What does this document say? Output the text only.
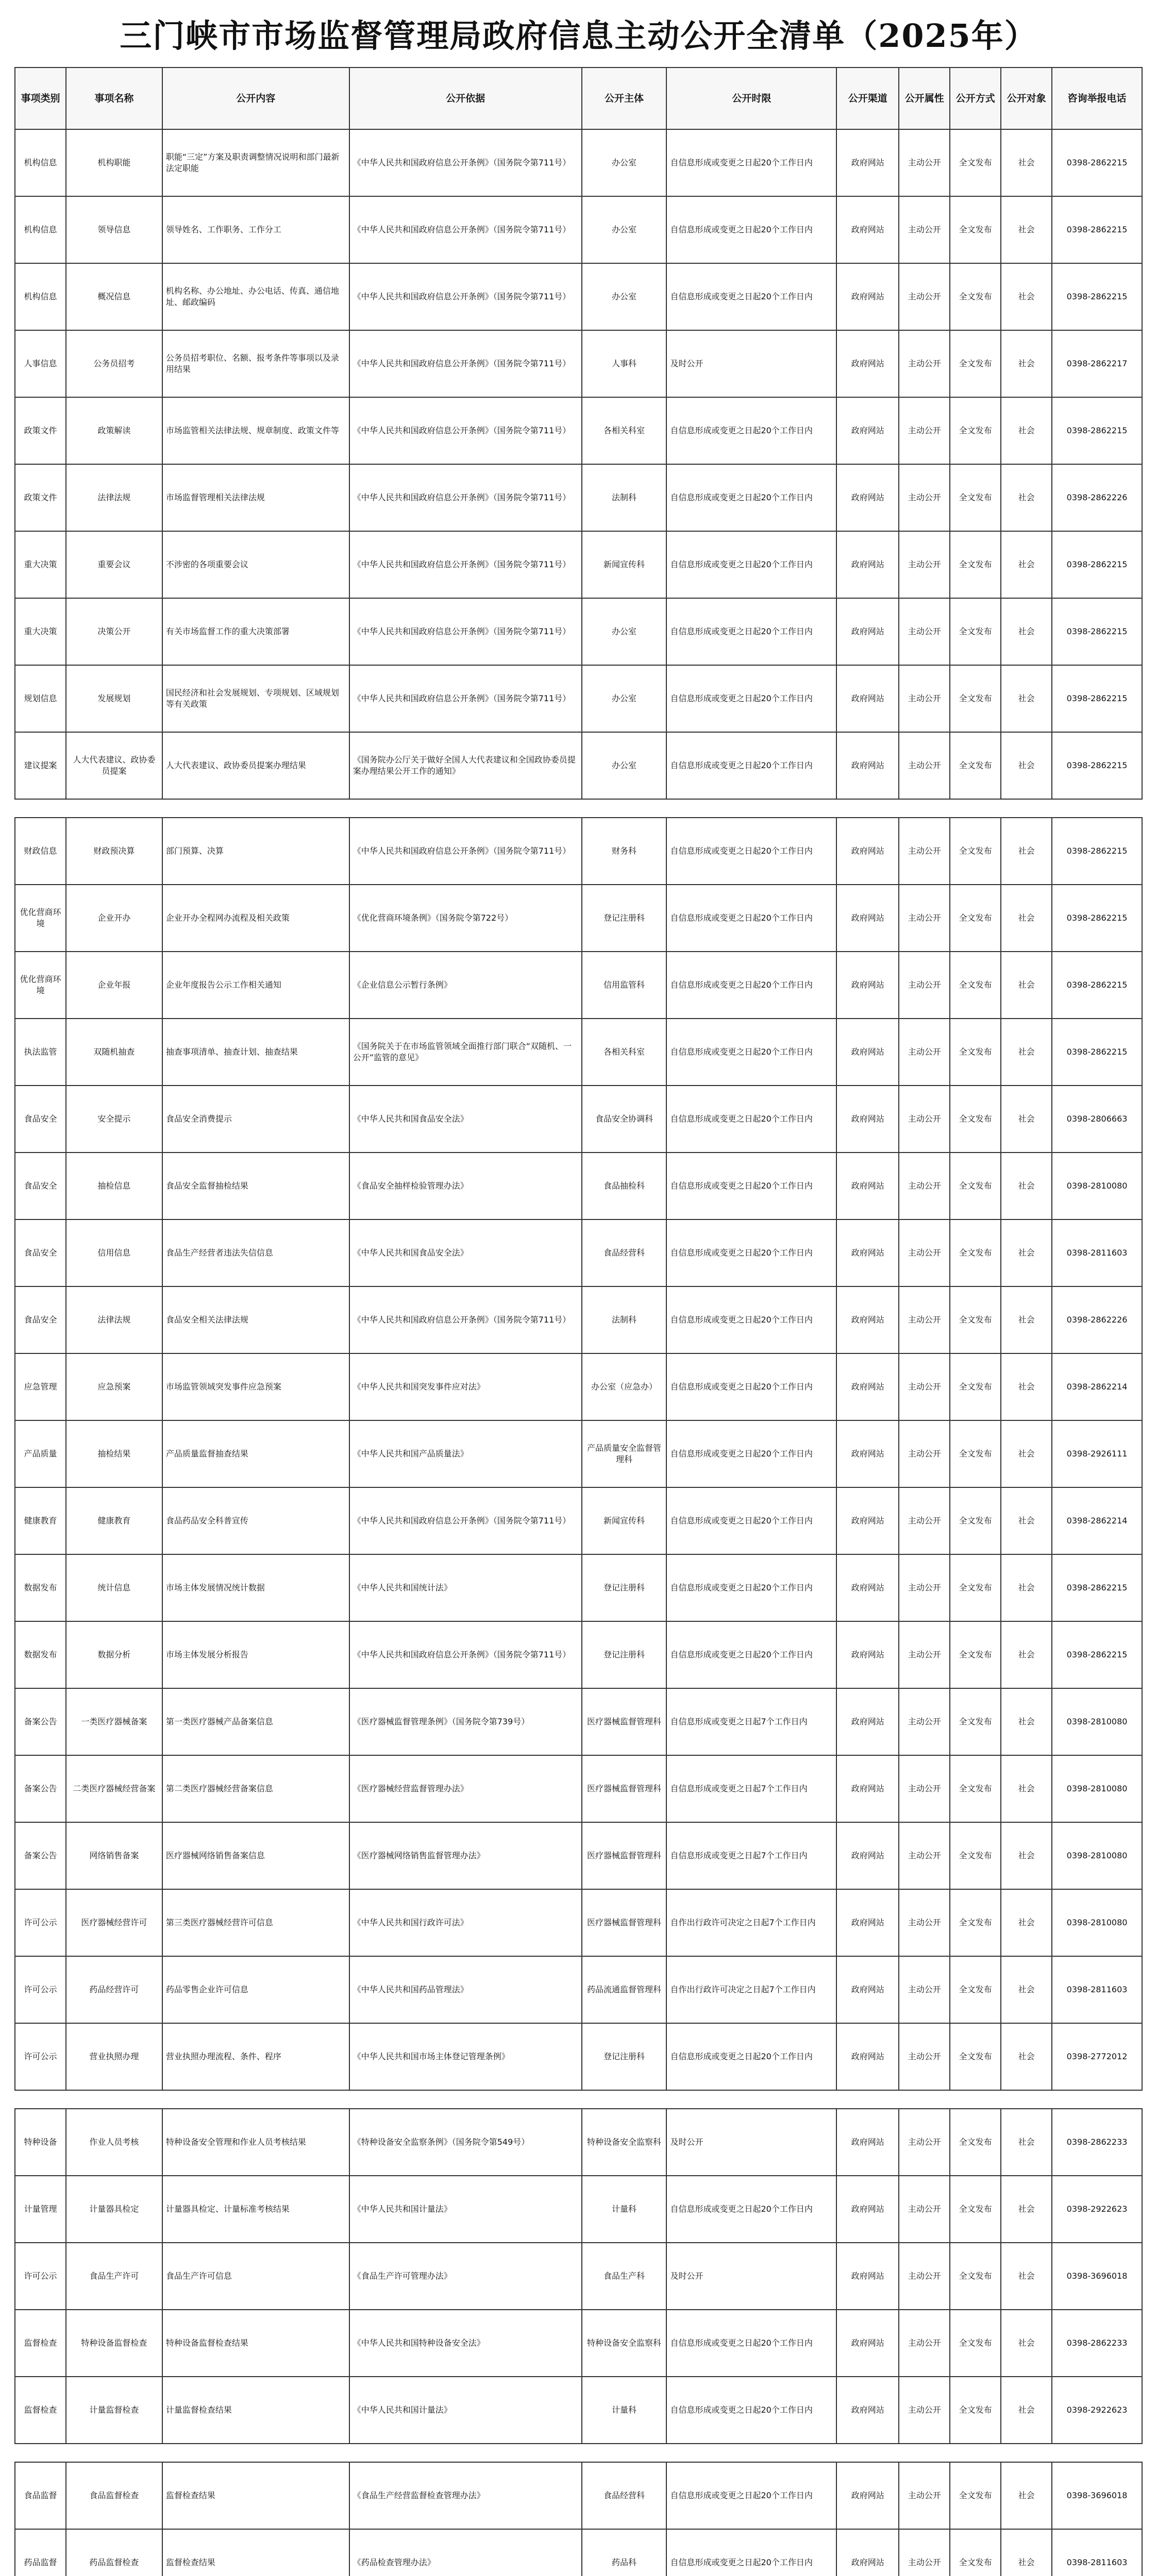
三门峡市市场监督管理局政府信息主动公开全清单（2025年）
事项类别	事项名称	公开内容	公开依据	公开主体	公开时限	公开渠道	公开属性	公开方式	公开对象	咨询举报电话
机构信息	机构职能	职能“三定”方案及职责调整情况说明和部门最新法定职能	《中华人民共和国政府信息公开条例》（国务院令第711号）	办公室	自信息形成或变更之日起20个工作日内	政府网站	主动公开	全文发布	社会	0398-2862215
机构信息	领导信息	领导姓名、工作职务、工作分工	《中华人民共和国政府信息公开条例》（国务院令第711号）	办公室	自信息形成或变更之日起20个工作日内	政府网站	主动公开	全文发布	社会	0398-2862215
机构信息	概况信息	机构名称、办公地址、办公电话、传真、通信地址、邮政编码	《中华人民共和国政府信息公开条例》（国务院令第711号）	办公室	自信息形成或变更之日起20个工作日内	政府网站	主动公开	全文发布	社会	0398-2862215
人事信息	公务员招考	公务员招考职位、名额、报考条件等事项以及录用结果	《中华人民共和国政府信息公开条例》（国务院令第711号）	人事科	及时公开	政府网站	主动公开	全文发布	社会	0398-2862217
政策文件	政策解读	市场监管相关法律法规、规章制度、政策文件等	《中华人民共和国政府信息公开条例》（国务院令第711号）	各相关科室	自信息形成或变更之日起20个工作日内	政府网站	主动公开	全文发布	社会	0398-2862215
政策文件	法律法规	市场监督管理相关法律法规	《中华人民共和国政府信息公开条例》（国务院令第711号）	法制科	自信息形成或变更之日起20个工作日内	政府网站	主动公开	全文发布	社会	0398-2862226
重大决策	重要会议	不涉密的各项重要会议	《中华人民共和国政府信息公开条例》（国务院令第711号）	新闻宣传科	自信息形成或变更之日起20个工作日内	政府网站	主动公开	全文发布	社会	0398-2862215
重大决策	决策公开	有关市场监督工作的重大决策部署	《中华人民共和国政府信息公开条例》（国务院令第711号）	办公室	自信息形成或变更之日起20个工作日内	政府网站	主动公开	全文发布	社会	0398-2862215
规划信息	发展规划	国民经济和社会发展规划、专项规划、区域规划等有关政策	《中华人民共和国政府信息公开条例》（国务院令第711号）	办公室	自信息形成或变更之日起20个工作日内	政府网站	主动公开	全文发布	社会	0398-2862215
建议提案	人大代表建议、政协委员提案	人大代表建议、政协委员提案办理结果	《国务院办公厅关于做好全国人大代表建议和全国政协委员提案办理结果公开工作的通知》	办公室	自信息形成或变更之日起20个工作日内	政府网站	主动公开	全文发布	社会	0398-2862215

财政信息	财政预决算	部门预算、决算	《中华人民共和国政府信息公开条例》（国务院令第711号）	财务科	自信息形成或变更之日起20个工作日内	政府网站	主动公开	全文发布	社会	0398-2862215
优化营商环境	企业开办	企业开办全程网办流程及相关政策	《优化营商环境条例》（国务院令第722号）	登记注册科	自信息形成或变更之日起20个工作日内	政府网站	主动公开	全文发布	社会	0398-2862215
优化营商环境	企业年报	企业年度报告公示工作相关通知	《企业信息公示暂行条例》	信用监管科	自信息形成或变更之日起20个工作日内	政府网站	主动公开	全文发布	社会	0398-2862215
执法监管	双随机抽查	抽查事项清单、抽查计划、抽查结果	《国务院关于在市场监管领域全面推行部门联合“双随机、一公开”监管的意见》	各相关科室	自信息形成或变更之日起20个工作日内	政府网站	主动公开	全文发布	社会	0398-2862215
食品安全	安全提示	食品安全消费提示	《中华人民共和国食品安全法》	食品安全协调科	自信息形成或变更之日起20个工作日内	政府网站	主动公开	全文发布	社会	0398-2806663
食品安全	抽检信息	食品安全监督抽检结果	《食品安全抽样检验管理办法》	食品抽检科	自信息形成或变更之日起20个工作日内	政府网站	主动公开	全文发布	社会	0398-2810080
食品安全	信用信息	食品生产经营者违法失信信息	《中华人民共和国食品安全法》	食品经营科	自信息形成或变更之日起20个工作日内	政府网站	主动公开	全文发布	社会	0398-2811603
食品安全	法律法规	食品安全相关法律法规	《中华人民共和国政府信息公开条例》（国务院令第711号）	法制科	自信息形成或变更之日起20个工作日内	政府网站	主动公开	全文发布	社会	0398-2862226
应急管理	应急预案	市场监管领域突发事件应急预案	《中华人民共和国突发事件应对法》	办公室（应急办）	自信息形成或变更之日起20个工作日内	政府网站	主动公开	全文发布	社会	0398-2862214
产品质量	抽检结果	产品质量监督抽查结果	《中华人民共和国产品质量法》	产品质量安全监督管理科	自信息形成或变更之日起20个工作日内	政府网站	主动公开	全文发布	社会	0398-2926111
健康教育	健康教育	食品药品安全科普宣传	《中华人民共和国政府信息公开条例》（国务院令第711号）	新闻宣传科	自信息形成或变更之日起20个工作日内	政府网站	主动公开	全文发布	社会	0398-2862214
数据发布	统计信息	市场主体发展情况统计数据	《中华人民共和国统计法》	登记注册科	自信息形成或变更之日起20个工作日内	政府网站	主动公开	全文发布	社会	0398-2862215
数据发布	数据分析	市场主体发展分析报告	《中华人民共和国政府信息公开条例》（国务院令第711号）	登记注册科	自信息形成或变更之日起20个工作日内	政府网站	主动公开	全文发布	社会	0398-2862215
备案公告	一类医疗器械备案	第一类医疗器械产品备案信息	《医疗器械监督管理条例》（国务院令第739号）	医疗器械监督管理科	自信息形成或变更之日起7个工作日内	政府网站	主动公开	全文发布	社会	0398-2810080
备案公告	二类医疗器械经营备案	第二类医疗器械经营备案信息	《医疗器械经营监督管理办法》	医疗器械监督管理科	自信息形成或变更之日起7个工作日内	政府网站	主动公开	全文发布	社会	0398-2810080
备案公告	网络销售备案	医疗器械网络销售备案信息	《医疗器械网络销售监督管理办法》	医疗器械监督管理科	自信息形成或变更之日起7个工作日内	政府网站	主动公开	全文发布	社会	0398-2810080
许可公示	医疗器械经营许可	第三类医疗器械经营许可信息	《中华人民共和国行政许可法》	医疗器械监督管理科	自作出行政许可决定之日起7个工作日内	政府网站	主动公开	全文发布	社会	0398-2810080
许可公示	药品经营许可	药品零售企业许可信息	《中华人民共和国药品管理法》	药品流通监督管理科	自作出行政许可决定之日起7个工作日内	政府网站	主动公开	全文发布	社会	0398-2811603
许可公示	营业执照办理	营业执照办理流程、条件、程序	《中华人民共和国市场主体登记管理条例》	登记注册科	自信息形成或变更之日起20个工作日内	政府网站	主动公开	全文发布	社会	0398-2772012

特种设备	作业人员考核	特种设备安全管理和作业人员考核结果	《特种设备安全监察条例》（国务院令第549号）	特种设备安全监察科	及时公开	政府网站	主动公开	全文发布	社会	0398-2862233
计量管理	计量器具检定	计量器具检定、计量标准考核结果	《中华人民共和国计量法》	计量科	自信息形成或变更之日起20个工作日内	政府网站	主动公开	全文发布	社会	0398-2922623
许可公示	食品生产许可	食品生产许可信息	《食品生产许可管理办法》	食品生产科	及时公开	政府网站	主动公开	全文发布	社会	0398-3696018
监督检查	特种设备监督检查	特种设备监督检查结果	《中华人民共和国特种设备安全法》	特种设备安全监察科	自信息形成或变更之日起20个工作日内	政府网站	主动公开	全文发布	社会	0398-2862233
监督检查	计量监督检查	计量监督检查结果	《中华人民共和国计量法》	计量科	自信息形成或变更之日起20个工作日内	政府网站	主动公开	全文发布	社会	0398-2922623

食品监督	食品监督检查	监督检查结果	《食品生产经营监督检查管理办法》	食品经营科	自信息形成或变更之日起20个工作日内	政府网站	主动公开	全文发布	社会	0398-3696018
药品监督	药品监督检查	监督检查结果	《药品检查管理办法》	药品科	自信息形成或变更之日起20个工作日内	政府网站	主动公开	全文发布	社会	0398-2811603
